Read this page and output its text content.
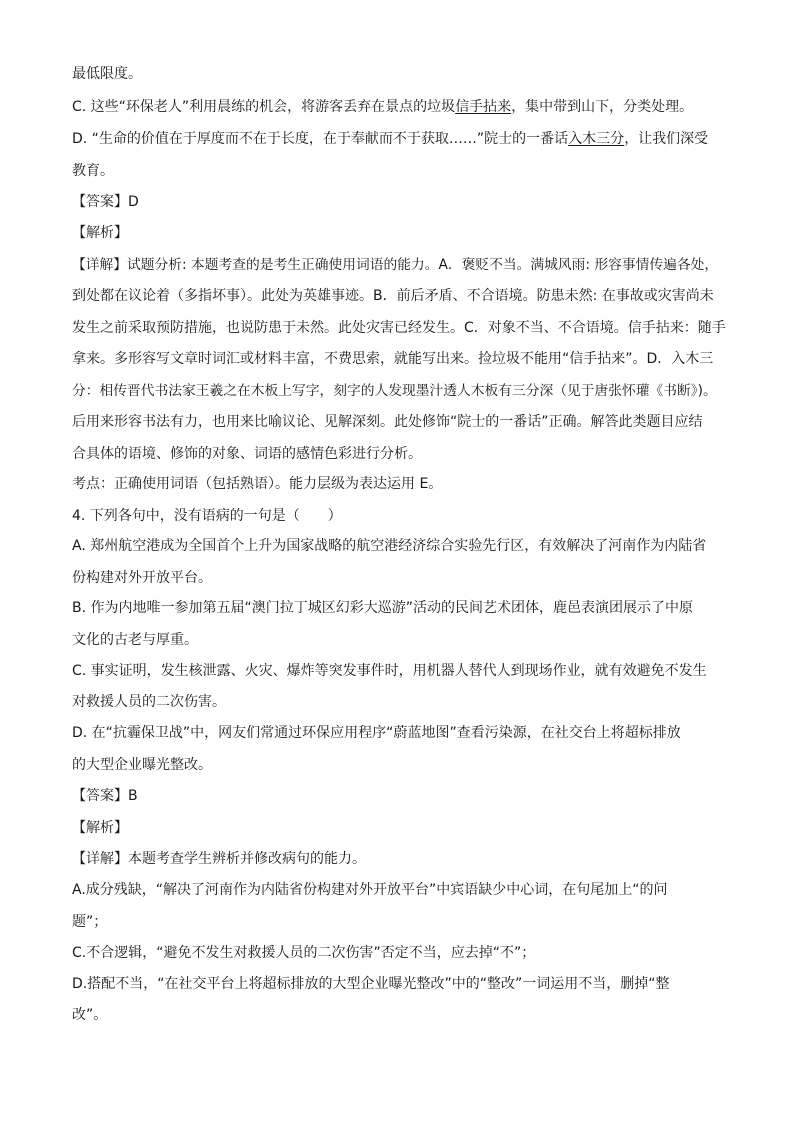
最低限度。
C. 这些“环保老人”利用晨练的机会，将游客丢弃在景点的垃圾信手拈来，集中带到山下，分类处理。
D. “生命的价值在于厚度而不在于长度，在于奉献而不于获取……”院士的一番话入木三分，让我们深受
教育。
【答案】D
【解析】
【详解】试题分析: 本题考查的是考生正确使用词语的能力。A．褒贬不当。满城风雨: 形容事情传遍各处，
到处都在议论着（多指坏事）。此处为英雄事迹。B．前后矛盾、不合语境。防患未然: 在事故或灾害尚未
发生之前采取预防措施，也说防患于未然。此处灾害已经发生。C．对象不当、不合语境。信手拈来：随手
拿来。多形容写文章时词汇或材料丰富，不费思索，就能写出来。捡垃圾不能用“信手拈来”。D．入木三
分：相传晋代书法家王羲之在木板上写字，刻字的人发现墨汁透人木板有三分深（见于唐张怀瓘《书断》)。
后用来形容书法有力，也用来比喻议论、见解深刻。此处修饰“院士的一番话”正确。解答此类题目应结
合具体的语境、修饰的对象、词语的感情色彩进行分析。
考点：正确使用词语（包括熟语）。能力层级为表达运用 E。
4. 下列各句中，没有语病的一句是（　　）
A. 郑州航空港成为全国首个上升为国家战略的航空港经济综合实验先行区，有效解决了河南作为内陆省
份构建对外开放平台。
B. 作为内地唯一参加第五届“澳门拉丁城区幻彩大巡游”活动的民间艺术团体，鹿邑表演团展示了中原
文化的古老与厚重。
C. 事实证明，发生核泄露、火灾、爆炸等突发事件时，用机器人替代人到现场作业，就有效避免不发生
对救援人员的二次伤害。
D. 在“抗霾保卫战”中，网友们常通过环保应用程序“蔚蓝地图”查看污染源，在社交台上将超标排放
的大型企业曝光整改。
【答案】B
【解析】
【详解】本题考查学生辨析并修改病句的能力。
A.成分残缺，“解决了河南作为内陆省份构建对外开放平台”中宾语缺少中心词，在句尾加上“的问
题”；
C.不合逻辑，“避免不发生对救援人员的二次伤害”否定不当，应去掉“不”；
D.搭配不当，“在社交平台上将超标排放的大型企业曝光整改”中的“整改”一词运用不当，删掉“整
改”。
